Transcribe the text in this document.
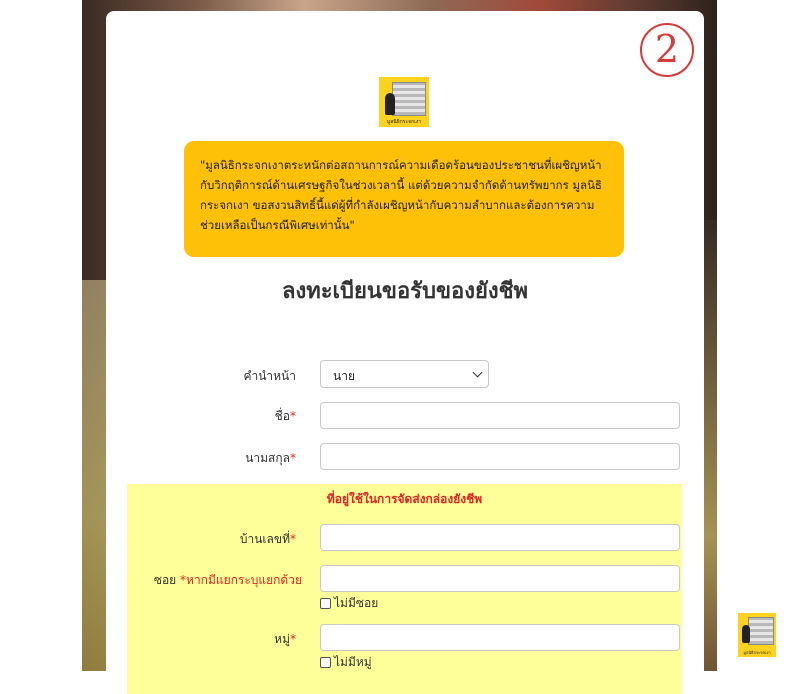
2
มูลนิธิกระจกเงา
"มูลนิธิกระจกเงาตระหนักต่อสถานการณ์ความเดือดร้อนของประชาชนที่เผชิญหน้ากับวิกฤติการณ์ด้านเศรษฐกิจในช่วงเวลานี้ แต่ด้วยความจำกัดด้านทรัพยากร มูลนิธิกระจกเงา ขอสงวนสิทธิ์นี้แด่ผู้ที่กำลังเผชิญหน้ากับความลำบากและต้องการความช่วยเหลือเป็นกรณีพิเศษเท่านั้น"
ลงทะเบียนขอรับของยังชีพ
คำนำหน้า	นาย
ชื่อ*
นามสกุล*
ที่อยู่ใช้ในการจัดส่งกล่องยังชีพ
บ้านเลขที่*
ซอย *หากมีแยกระบุแยกด้วย
ไม่มีซอย
หมู่*
ไม่มีหมู่
มูลนิธิกระจกเงา
